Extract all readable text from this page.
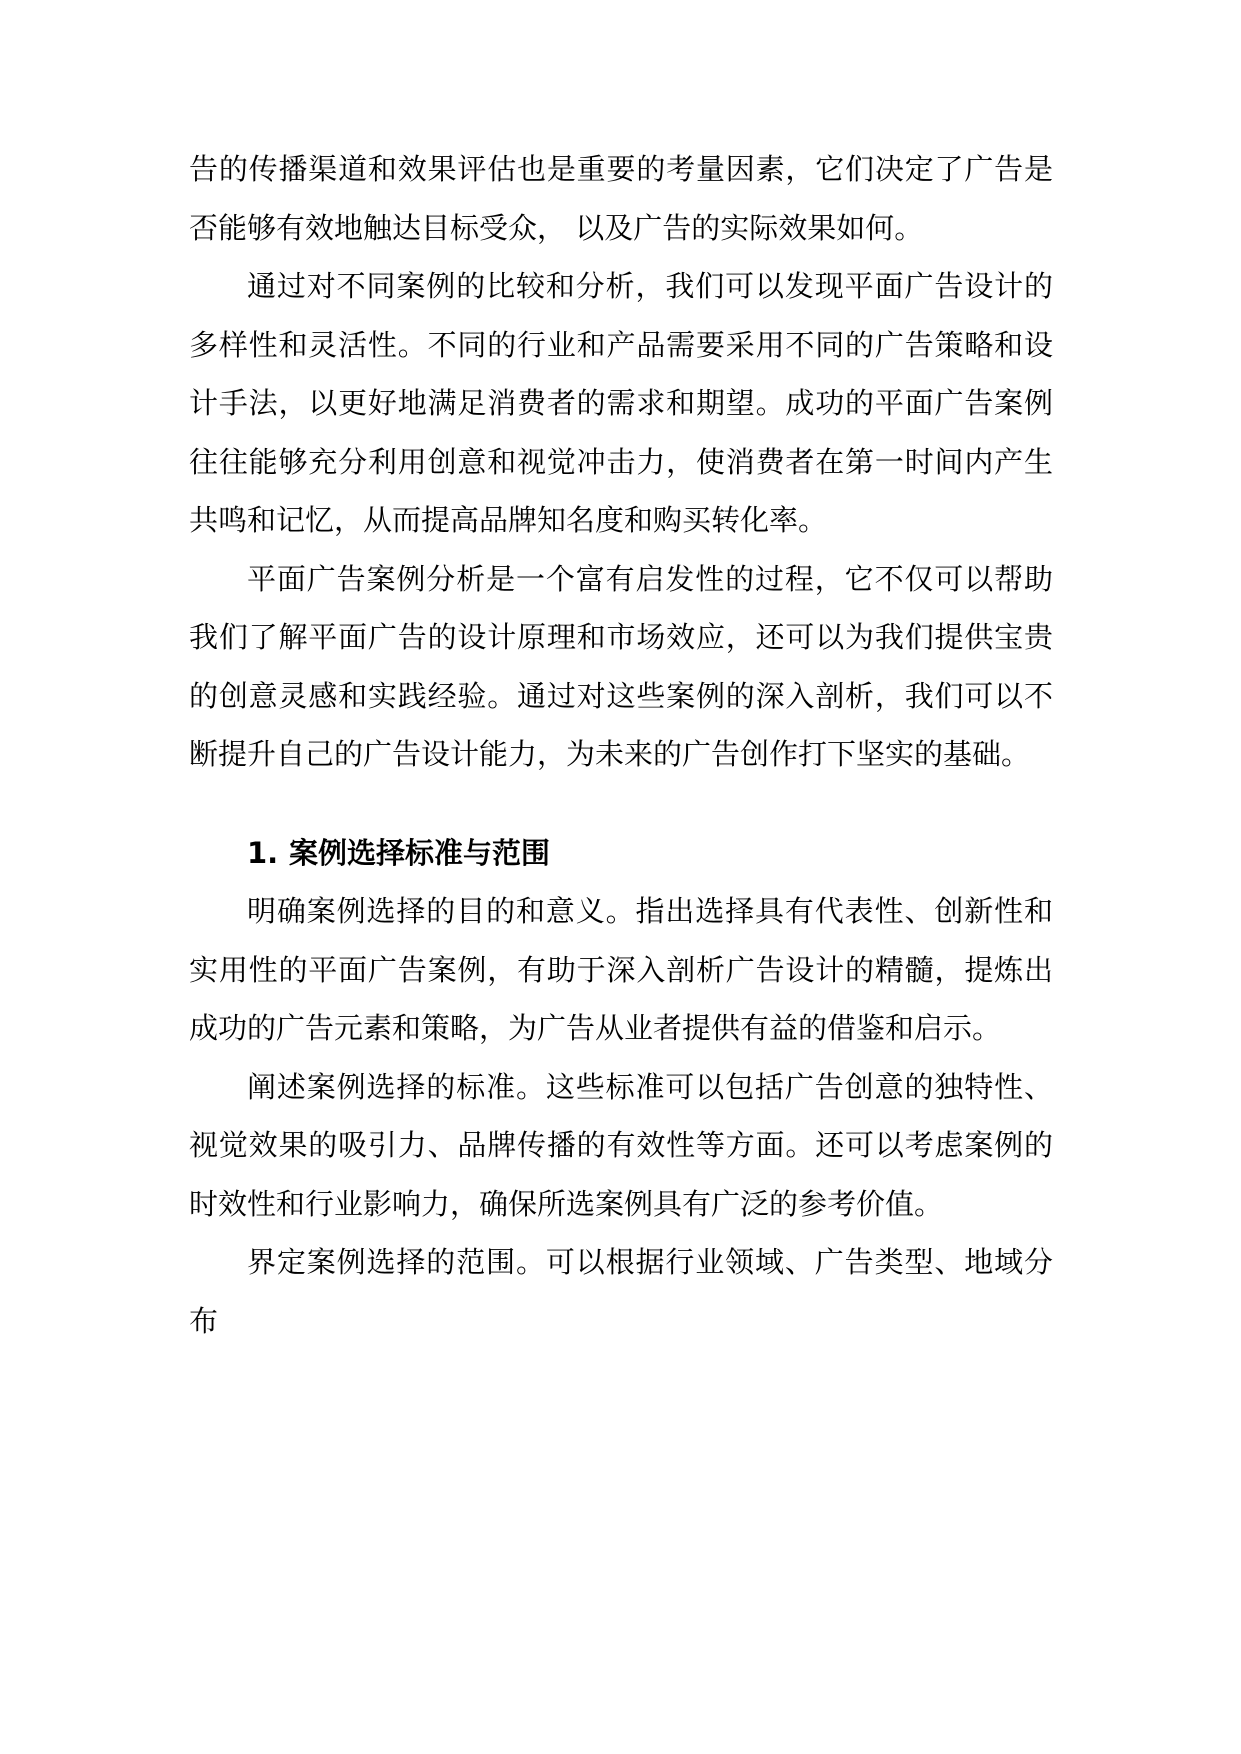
告的传播渠道和效果评估也是重要的考量因素，它们决定了广告是否能够有效地触达目标受众， 以及广告的实际效果如何。

通过对不同案例的比较和分析，我们可以发现平面广告设计的多样性和灵活性。不同的行业和产品需要采用不同的广告策略和设计手法，以更好地满足消费者的需求和期望。成功的平面广告案例往往能够充分利用创意和视觉冲击力，使消费者在第一时间内产生共鸣和记忆，从而提高品牌知名度和购买转化率。

平面广告案例分析是一个富有启发性的过程，它不仅可以帮助我们了解平面广告的设计原理和市场效应，还可以为我们提供宝贵的创意灵感和实践经验。通过对这些案例的深入剖析，我们可以不断提升自己的广告设计能力，为未来的广告创作打下坚实的基础。

1. 案例选择标准与范围

明确案例选择的目的和意义。指出选择具有代表性、创新性和实用性的平面广告案例，有助于深入剖析广告设计的精髓，提炼出成功的广告元素和策略，为广告从业者提供有益的借鉴和启示。

阐述案例选择的标准。这些标准可以包括广告创意的独特性、视觉效果的吸引力、品牌传播的有效性等方面。还可以考虑案例的时效性和行业影响力，确保所选案例具有广泛的参考价值。

界定案例选择的范围。可以根据行业领域、广告类型、地域分布
